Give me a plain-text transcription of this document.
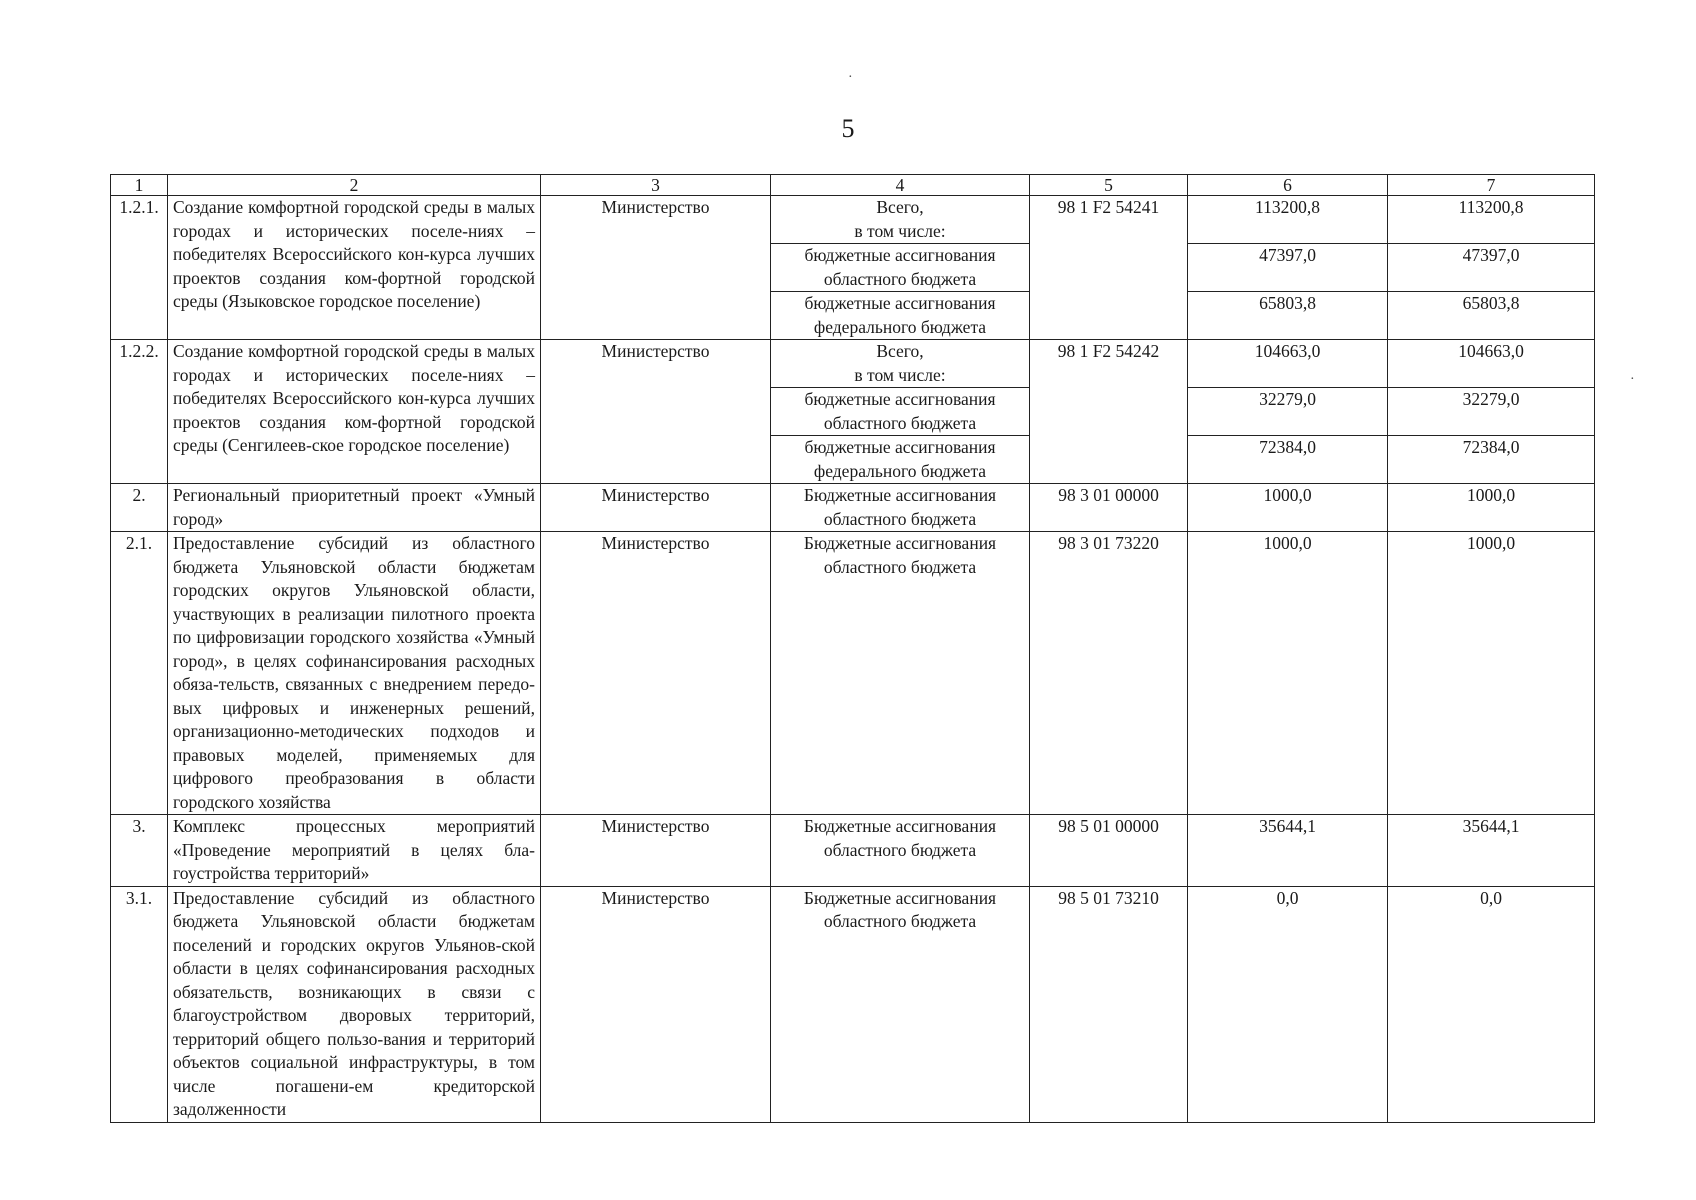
5
·
·
1	2	3	4	5	6	7
1.2.1.	Создание комфортной городской среды в малых городах и исторических поселе-ниях – победителях Всероссийского кон-курса лучших проектов создания ком-фортной городской среды (Языковское городское поселение)	Министерство	Всего,
в том числе:	98 1 F2 54241	113200,8	113200,8

			бюджетные ассигнования
областного бюджета		47397,0	47397,0

			бюджетные ассигнования
федерального бюджета		65803,8	65803,8
1.2.2.	Создание комфортной городской среды в малых городах и исторических поселе-ниях – победителях Всероссийского кон-курса лучших проектов создания ком-фортной городской среды (Сенгилеев-ское городское поселение)	Министерство	Всего,
в том числе:	98 1 F2 54242	104663,0	104663,0

			бюджетные ассигнования
областного бюджета		32279,0	32279,0

			бюджетные ассигнования
федерального бюджета		72384,0	72384,0
2.	Региональный приоритетный проект «Умный город»	Министерство	Бюджетные ассигнования
областного бюджета	98 3 01 00000	1000,0	1000,0
2.1.	Предоставление субсидий из областного бюджета Ульяновской области бюджетам городских округов Ульяновской области, участвующих в реализации пилотного проекта по цифровизации городского хозяйства «Умный город», в целях софинансирования расходных обяза-тельств, связанных с внедрением передо-вых цифровых и инженерных решений, организационно-методических подходов и правовых моделей, применяемых для цифрового преобразования в области городского хозяйства	Министерство	Бюджетные ассигнования
областного бюджета	98 3 01 73220	1000,0	1000,0
3.	Комплекс процессных мероприятий «Проведение мероприятий в целях бла-гоустройства территорий»	Министерство	Бюджетные ассигнования
областного бюджета	98 5 01 00000	35644,1	35644,1
3.1.	Предоставление субсидий из областного бюджета Ульяновской области бюджетам поселений и городских округов Ульянов-ской области в целях софинансирования расходных обязательств, возникающих в связи с благоустройством дворовых территорий, территорий общего пользо-вания и территорий объектов социальной инфраструктуры, в том числе погашени-ем кредиторской задолженности	Министерство	Бюджетные ассигнования
областного бюджета	98 5 01 73210	0,0	0,0
